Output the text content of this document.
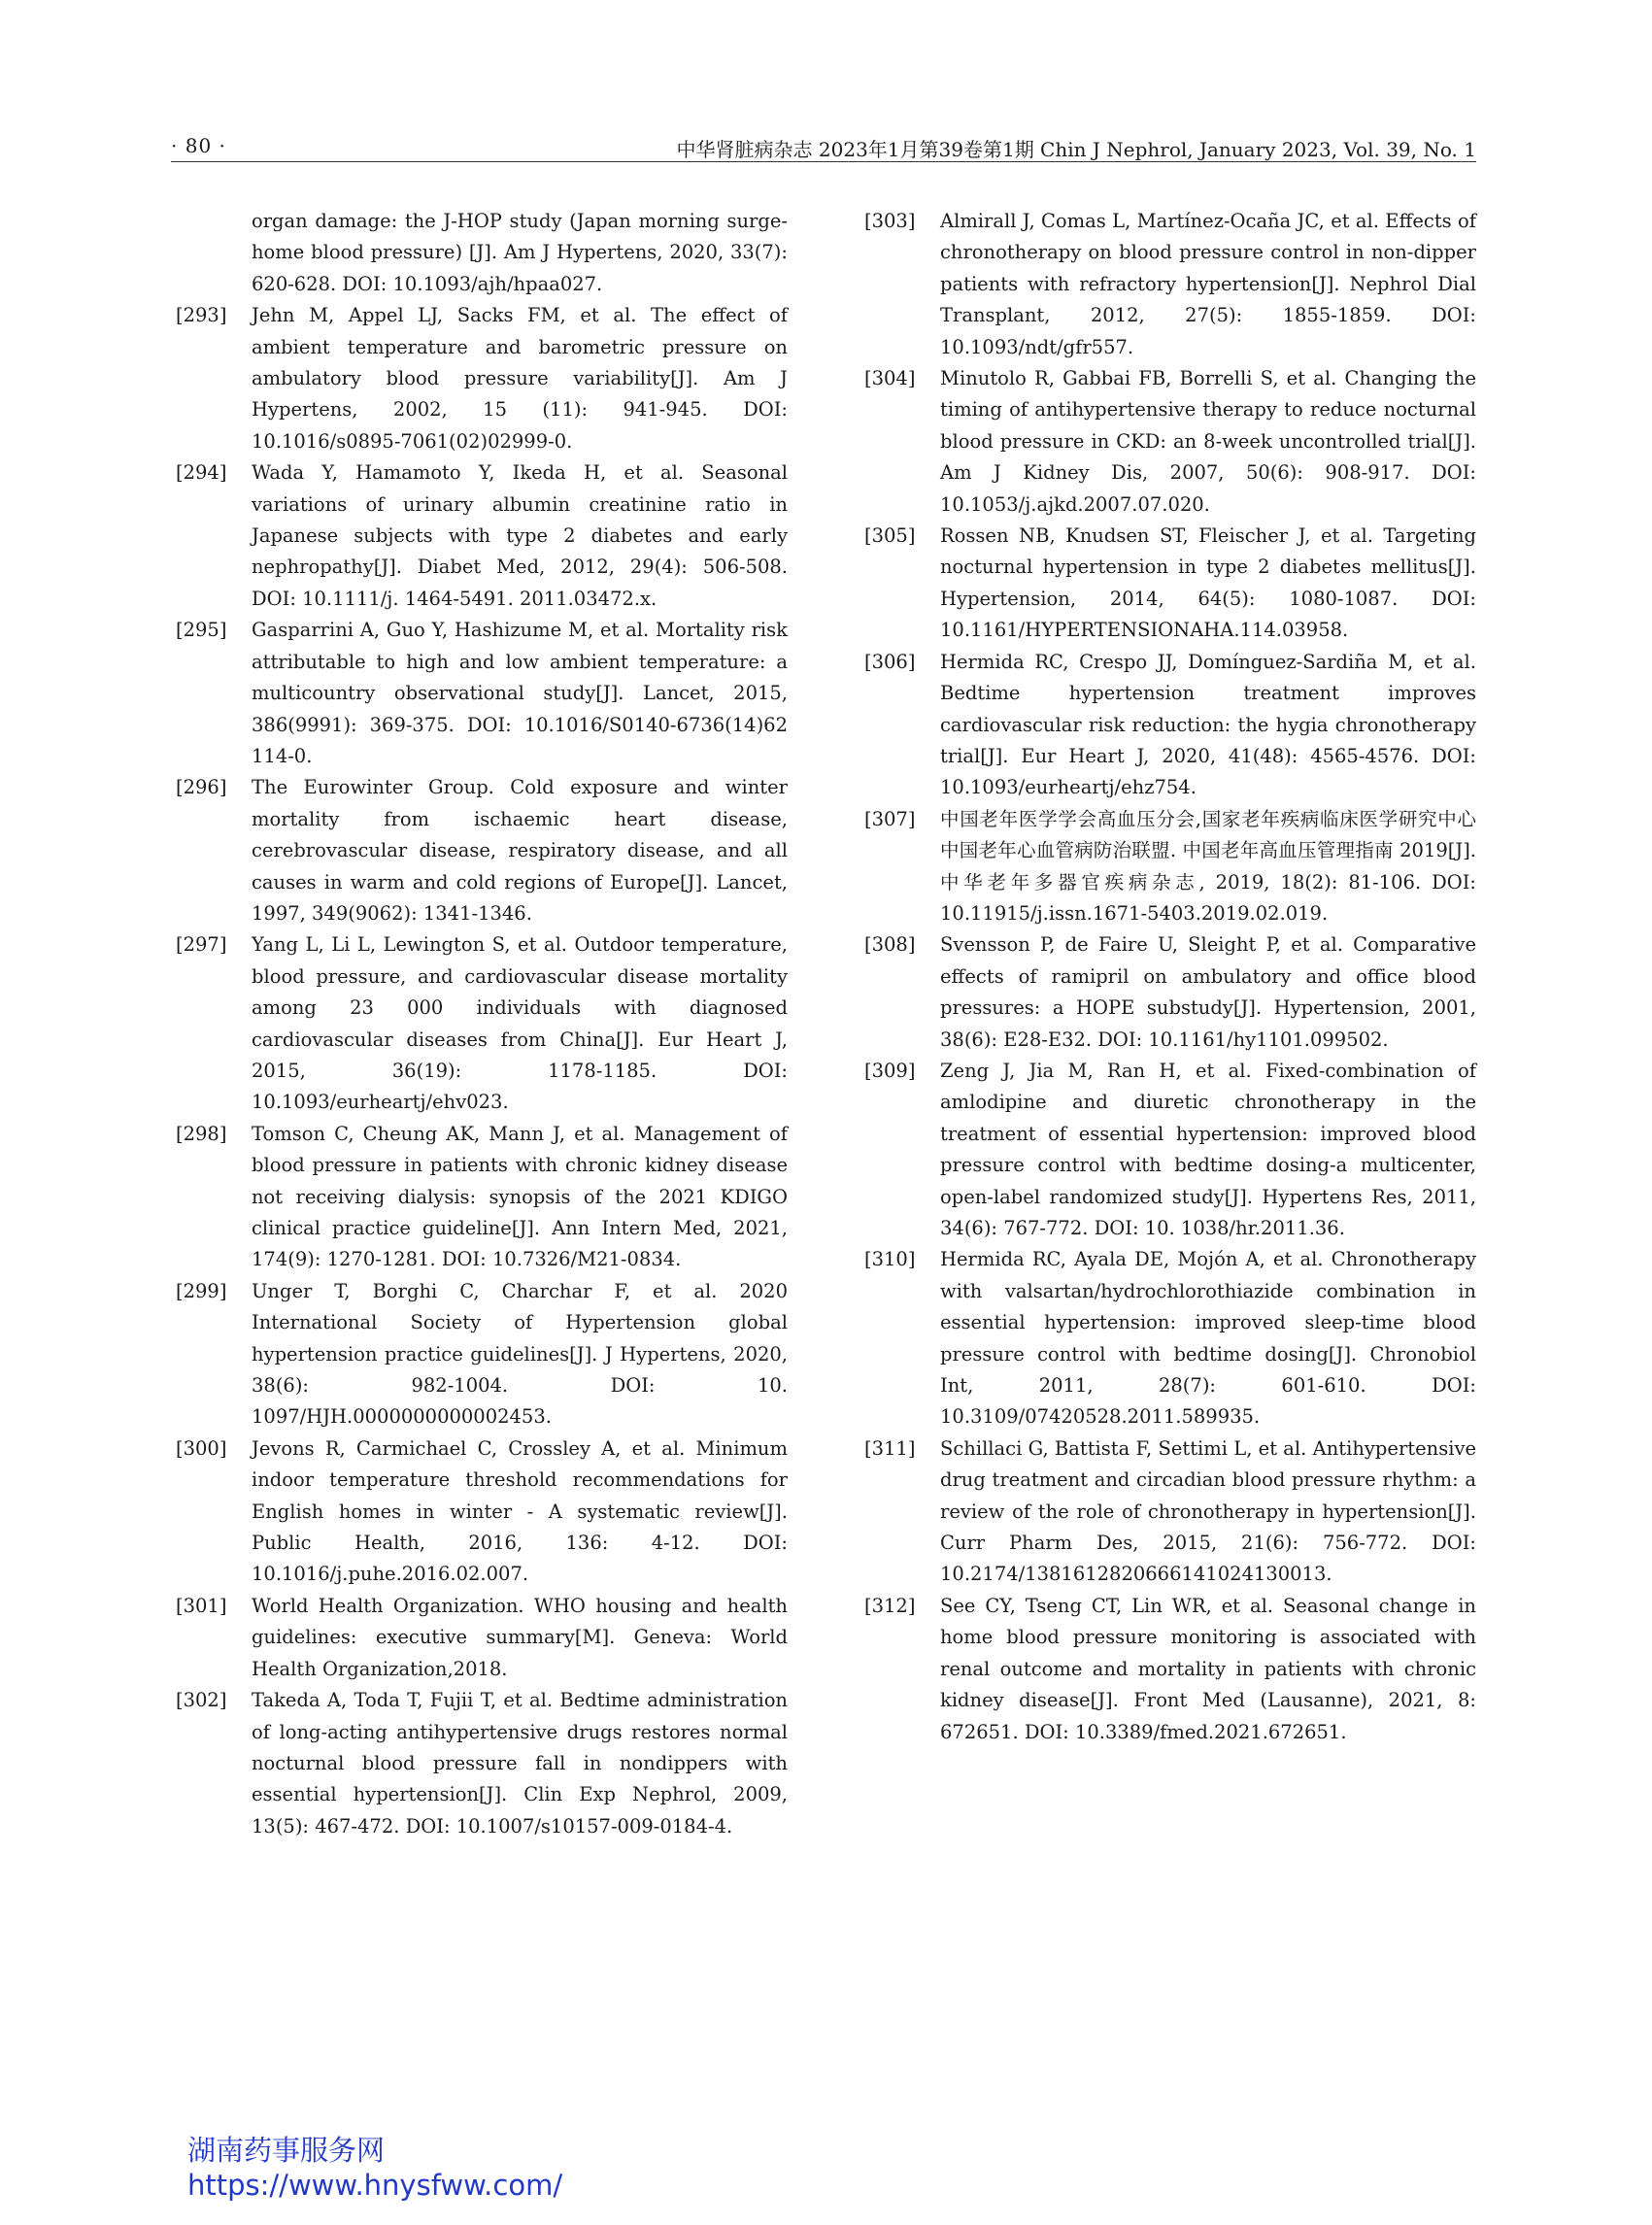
· 80 ·	中华肾脏病杂志 2023年1月第39卷第1期 Chin J Nephrol, January 2023, Vol. 39, No. 1
organ damage: the J-HOP study (Japan morning surge-home blood pressure) [J]. Am J Hypertens, 2020, 33(7): 620-628. DOI: 10.1093/ajh/hpaa027.
[293] Jehn M, Appel LJ, Sacks FM, et al. The effect of ambient temperature and barometric pressure on ambulatory blood pressure variability[J]. Am J Hypertens, 2002, 15 (11): 941-945. DOI: 10.1016/s0895-7061(02)02999-0.
[294] Wada Y, Hamamoto Y, Ikeda H, et al. Seasonal variations of urinary albumin creatinine ratio in Japanese subjects with type 2 diabetes and early nephropathy[J]. Diabet Med, 2012, 29(4): 506-508. DOI: 10.1111/j. 1464-5491. 2011.03472.x.
[295] Gasparrini A, Guo Y, Hashizume M, et al. Mortality risk attributable to high and low ambient temperature: a multicountry observational study[J]. Lancet, 2015, 386(9991): 369-375. DOI: 10.1016/S0140-6736(14)62 114-0.
[296] The Eurowinter Group. Cold exposure and winter mortality from ischaemic heart disease, cerebrovascular disease, respiratory disease, and all causes in warm and cold regions of Europe[J]. Lancet, 1997, 349(9062): 1341-1346.
[297] Yang L, Li L, Lewington S, et al. Outdoor temperature, blood pressure, and cardiovascular disease mortality among 23 000 individuals with diagnosed cardiovascular diseases from China[J]. Eur Heart J, 2015, 36(19): 1178-1185. DOI: 10.1093/eurheartj/ehv023.
[298] Tomson C, Cheung AK, Mann J, et al. Management of blood pressure in patients with chronic kidney disease not receiving dialysis: synopsis of the 2021 KDIGO clinical practice guideline[J]. Ann Intern Med, 2021, 174(9): 1270-1281. DOI: 10.7326/M21-0834.
[299] Unger T, Borghi C, Charchar F, et al. 2020 International Society of Hypertension global hypertension practice guidelines[J]. J Hypertens, 2020, 38(6): 982-1004. DOI: 10. 1097/HJH.0000000000002453.
[300] Jevons R, Carmichael C, Crossley A, et al. Minimum indoor temperature threshold recommendations for English homes in winter - A systematic review[J]. Public Health, 2016, 136: 4-12. DOI: 10.1016/j.puhe.2016.02.007.
[301] World Health Organization. WHO housing and health guidelines: executive summary[M]. Geneva: World Health Organization,2018.
[302] Takeda A, Toda T, Fujii T, et al. Bedtime administration of long-acting antihypertensive drugs restores normal nocturnal blood pressure fall in nondippers with essential hypertension[J]. Clin Exp Nephrol, 2009, 13(5): 467-472. DOI: 10.1007/s10157-009-0184-4.
[303] Almirall J, Comas L, Martínez-Ocaña JC, et al. Effects of chronotherapy on blood pressure control in non-dipper patients with refractory hypertension[J]. Nephrol Dial Transplant, 2012, 27(5): 1855-1859. DOI: 10.1093/ndt/gfr557.
[304] Minutolo R, Gabbai FB, Borrelli S, et al. Changing the timing of antihypertensive therapy to reduce nocturnal blood pressure in CKD: an 8-week uncontrolled trial[J]. Am J Kidney Dis, 2007, 50(6): 908-917. DOI: 10.1053/j.ajkd.2007.07.020.
[305] Rossen NB, Knudsen ST, Fleischer J, et al. Targeting nocturnal hypertension in type 2 diabetes mellitus[J]. Hypertension, 2014, 64(5): 1080-1087. DOI: 10.1161/HYPERTENSIONAHA.114.03958.
[306] Hermida RC, Crespo JJ, Domínguez-Sardiña M, et al. Bedtime hypertension treatment improves cardiovascular risk reduction: the hygia chronotherapy trial[J]. Eur Heart J, 2020, 41(48): 4565-4576. DOI: 10.1093/eurheartj/ehz754.
[307] 中国老年医学学会高血压分会,国家老年疾病临床医学研究中心中国老年心血管病防治联盟. 中国老年高血压管理指南 2019[J]. 中华老年多器官疾病杂志, 2019, 18(2): 81-106. DOI: 10.11915/j.issn.1671-5403.2019.02.019.
[308] Svensson P, de Faire U, Sleight P, et al. Comparative effects of ramipril on ambulatory and office blood pressures: a HOPE substudy[J]. Hypertension, 2001, 38(6): E28-E32. DOI: 10.1161/hy1101.099502.
[309] Zeng J, Jia M, Ran H, et al. Fixed-combination of amlodipine and diuretic chronotherapy in the treatment of essential hypertension: improved blood pressure control with bedtime dosing-a multicenter, open-label randomized study[J]. Hypertens Res, 2011, 34(6): 767-772. DOI: 10. 1038/hr.2011.36.
[310] Hermida RC, Ayala DE, Mojón A, et al. Chronotherapy with valsartan/hydrochlorothiazide combination in essential hypertension: improved sleep-time blood pressure control with bedtime dosing[J]. Chronobiol Int, 2011, 28(7): 601-610. DOI: 10.3109/07420528.2011.589935.
[311] Schillaci G, Battista F, Settimi L, et al. Antihypertensive drug treatment and circadian blood pressure rhythm: a review of the role of chronotherapy in hypertension[J]. Curr Pharm Des, 2015, 21(6): 756-772. DOI: 10.2174/1381612820666141024130013.
[312] See CY, Tseng CT, Lin WR, et al. Seasonal change in home blood pressure monitoring is associated with renal outcome and mortality in patients with chronic kidney disease[J]. Front Med (Lausanne), 2021, 8: 672651. DOI: 10.3389/fmed.2021.672651.
湖南药事服务网
https://www.hnysfww.com/
